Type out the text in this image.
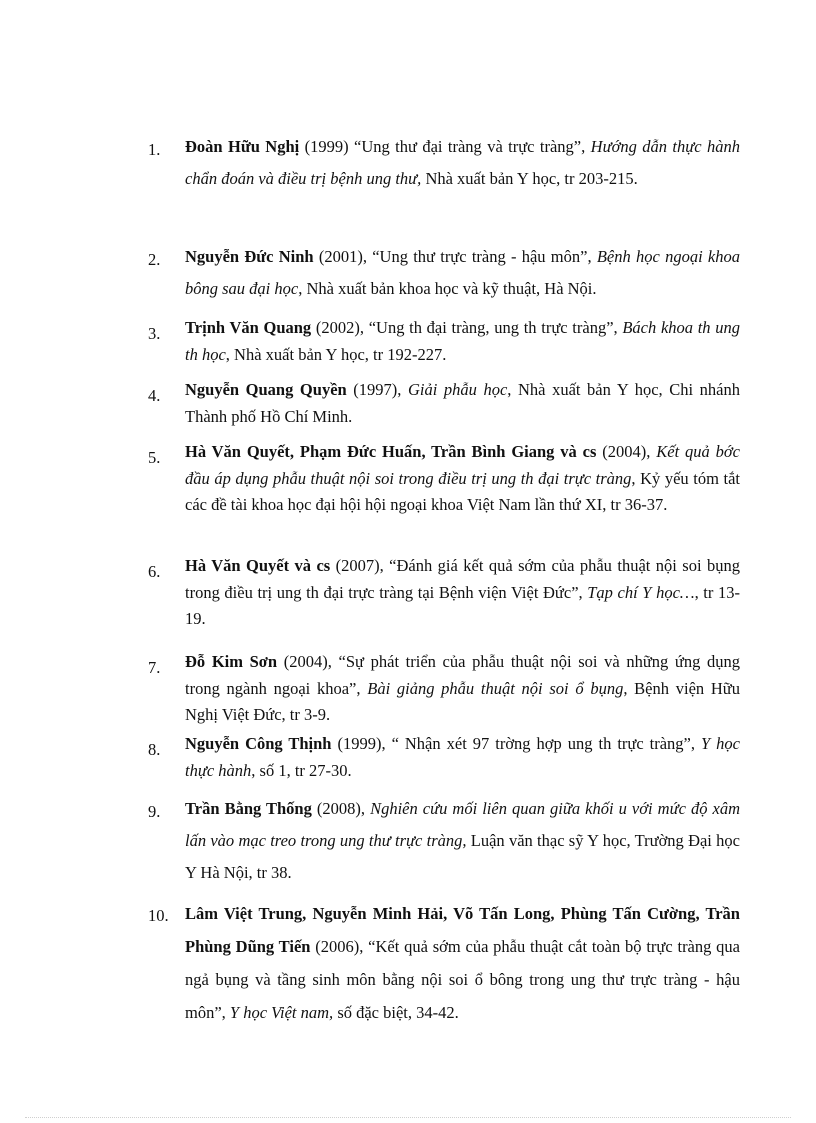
1.	Đoàn Hữu Nghị (1999) “Ung thư đại tràng và trực tràng”, Hướng dẫn thực hành chẩn đoán và điều trị bệnh ung thư, Nhà xuất bản Y học, tr 203-215.
2.	Nguyễn Đức Ninh (2001), “Ung thư trực tràng - hậu môn”, Bệnh học ngoại khoa bông sau đại học, Nhà xuất bản khoa học và kỹ thuật, Hà Nội.
3.	Trịnh Văn Quang (2002), “Ung th đại tràng, ung th trực tràng”, Bách khoa th ung th học, Nhà xuất bản Y học, tr 192-227.
4.	Nguyễn Quang Quyền (1997), Giải phẫu học, Nhà xuất bản Y học, Chi nhánh Thành phố Hồ Chí Minh.
5.	Hà Văn Quyết, Phạm Đức Huấn, Trần Bình Giang và cs (2004), Kết quả bớc đầu áp dụng phẫu thuật nội soi trong điều trị ung th đại trực tràng, Kỷ yếu tóm tắt các đề tài khoa học đại hội hội ngoại khoa Việt Nam lần thứ XI, tr 36-37.
6.	Hà Văn Quyết và cs (2007), “Đánh giá kết quả sớm của phẫu thuật nội soi bụng trong điều trị ung th đại trực tràng tại Bệnh viện Việt Đức”, Tạp chí Y học…, tr 13-19.
7.	Đỗ Kim Sơn (2004), “Sự phát triển của phẫu thuật nội soi và những ứng dụng trong ngành ngoại khoa”, Bài giảng phẫu thuật nội soi ổ bụng, Bệnh viện Hữu Nghị Việt Đức, tr 3-9.
8.	Nguyễn Công Thịnh (1999), “ Nhận xét 97 trờng hợp ung th trực tràng”, Y học thực hành, số 1, tr 27-30.
9.	Trần Bằng Thống (2008), Nghiên cứu mối liên quan giữa khối u với mức độ xâm lấn vào mạc treo trong ung thư trực tràng, Luận văn thạc sỹ Y học, Trường Đại học Y Hà Nội, tr 38.
10. Lâm Việt Trung, Nguyễn Minh Hải, Võ Tấn Long, Phùng Tấn Cường, Trần Phùng Dũng Tiến (2006), “Kết quả sớm của phẫu thuật cắt toàn bộ trực tràng qua ngả bụng và tầng sinh môn bằng nội soi ổ bông trong ung thư trực tràng - hậu môn”, Y học Việt nam, số đặc biệt, 34-42.
